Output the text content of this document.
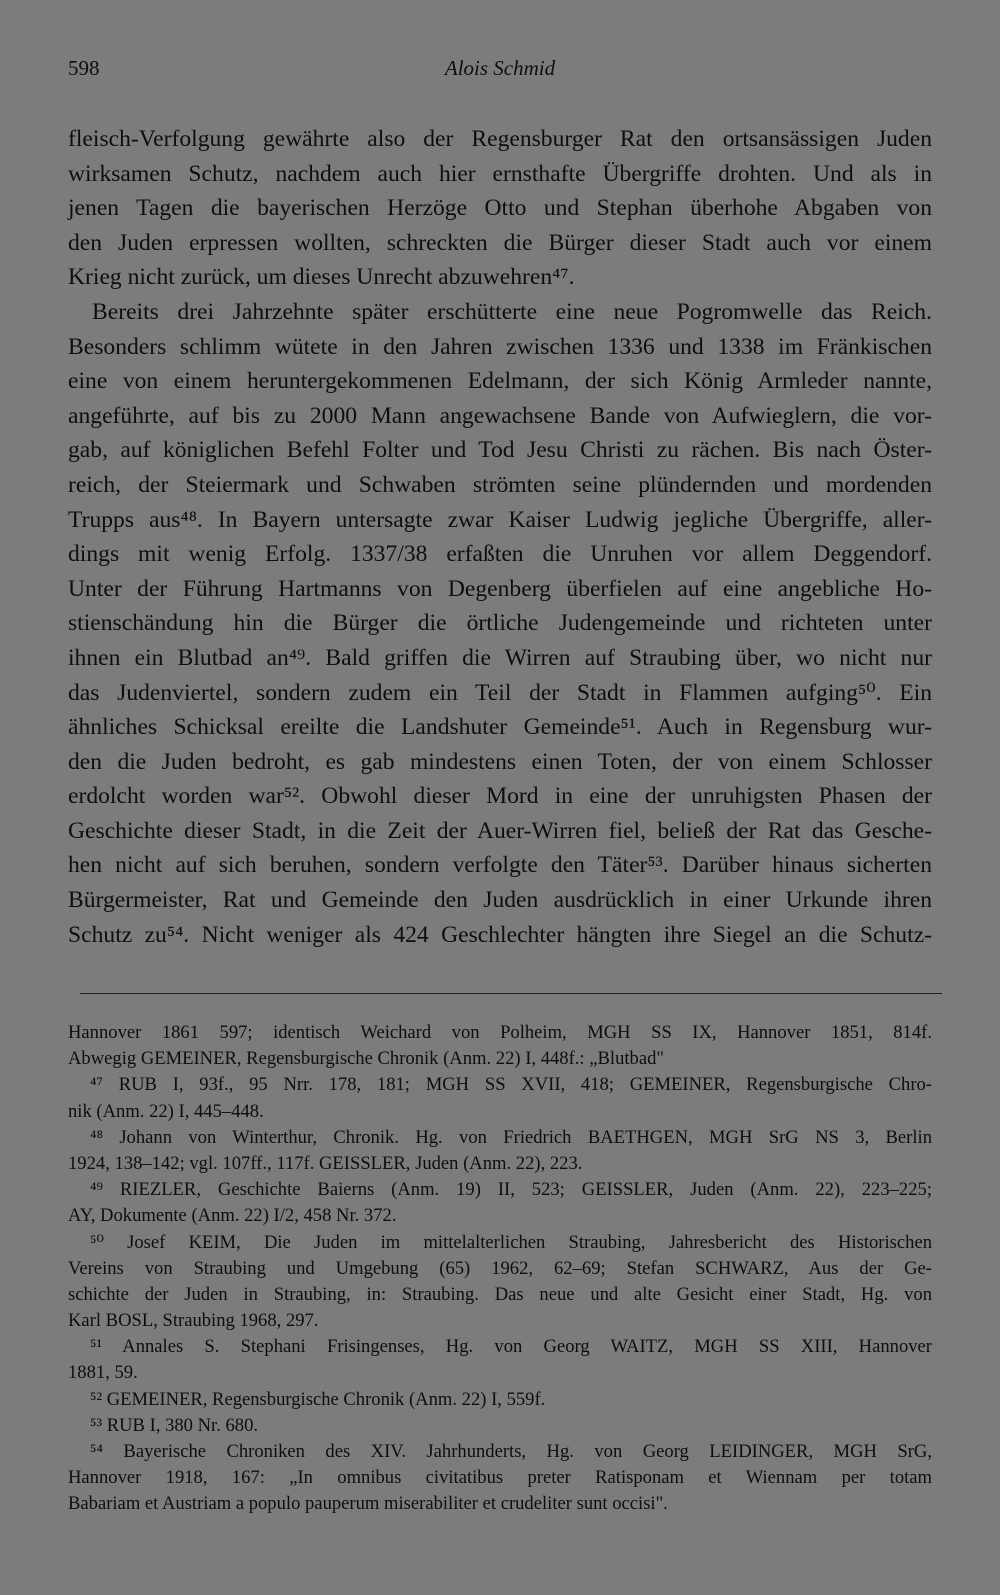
598	Alois Schmid
fleisch-Verfolgung gewährte also der Regensburger Rat den ortsansässigen Juden
wirksamen Schutz, nachdem auch hier ernsthafte Übergriffe drohten. Und als in
jenen Tagen die bayerischen Herzöge Otto und Stephan überhohe Abgaben von
den Juden erpressen wollten, schreckten die Bürger dieser Stadt auch vor einem
Krieg nicht zurück, um dieses Unrecht abzuwehren⁴⁷.
Bereits drei Jahrzehnte später erschütterte eine neue Pogromwelle das Reich.
Besonders schlimm wütete in den Jahren zwischen 1336 und 1338 im Fränkischen
eine von einem heruntergekommenen Edelmann, der sich König Armleder nannte,
angeführte, auf bis zu 2000 Mann angewachsene Bande von Aufwieglern, die vor-
gab, auf königlichen Befehl Folter und Tod Jesu Christi zu rächen. Bis nach Öster-
reich, der Steiermark und Schwaben strömten seine plündernden und mordenden
Trupps aus⁴⁸. In Bayern untersagte zwar Kaiser Ludwig jegliche Übergriffe, aller-
dings mit wenig Erfolg. 1337/38 erfaßten die Unruhen vor allem Deggendorf.
Unter der Führung Hartmanns von Degenberg überfielen auf eine angebliche Ho-
stienschändung hin die Bürger die örtliche Judengemeinde und richteten unter
ihnen ein Blutbad an⁴⁹. Bald griffen die Wirren auf Straubing über, wo nicht nur
das Judenviertel, sondern zudem ein Teil der Stadt in Flammen aufging⁵⁰. Ein
ähnliches Schicksal ereilte die Landshuter Gemeinde⁵¹. Auch in Regensburg wur-
den die Juden bedroht, es gab mindestens einen Toten, der von einem Schlosser
erdolcht worden war⁵². Obwohl dieser Mord in eine der unruhigsten Phasen der
Geschichte dieser Stadt, in die Zeit der Auer-Wirren fiel, beließ der Rat das Gesche-
hen nicht auf sich beruhen, sondern verfolgte den Täter⁵³. Darüber hinaus sicherten
Bürgermeister, Rat und Gemeinde den Juden ausdrücklich in einer Urkunde ihren
Schutz zu⁵⁴. Nicht weniger als 424 Geschlechter hängten ihre Siegel an die Schutz-
Hannover 1861 597; identisch Weichard von Polheim, MGH SS IX, Hannover 1851, 814f.
Abwegig GEMEINER, Regensburgische Chronik (Anm. 22) I, 448f.: „Blutbad"
⁴⁷ RUB I, 93f., 95 Nrr. 178, 181; MGH SS XVII, 418; GEMEINER, Regensburgische Chro-
nik (Anm. 22) I, 445–448.
⁴⁸ Johann von Winterthur, Chronik. Hg. von Friedrich BAETHGEN, MGH SrG NS 3, Berlin
1924, 138–142; vgl. 107ff., 117f. GEISSLER, Juden (Anm. 22), 223.
⁴⁹ RIEZLER, Geschichte Baierns (Anm. 19) II, 523; GEISSLER, Juden (Anm. 22), 223–225;
AY, Dokumente (Anm. 22) I/2, 458 Nr. 372.
⁵⁰ Josef KEIM, Die Juden im mittelalterlichen Straubing, Jahresbericht des Historischen
Vereins von Straubing und Umgebung (65) 1962, 62–69; Stefan SCHWARZ, Aus der Ge-
schichte der Juden in Straubing, in: Straubing. Das neue und alte Gesicht einer Stadt, Hg. von
Karl BOSL, Straubing 1968, 297.
⁵¹ Annales S. Stephani Frisingenses, Hg. von Georg WAITZ, MGH SS XIII, Hannover
1881, 59.
⁵² GEMEINER, Regensburgische Chronik (Anm. 22) I, 559f.
⁵³ RUB I, 380 Nr. 680.
⁵⁴ Bayerische Chroniken des XIV. Jahrhunderts, Hg. von Georg LEIDINGER, MGH SrG,
Hannover 1918, 167: „In omnibus civitatibus preter Ratisponam et Wiennam per totam
Babariam et Austriam a populo pauperum miserabiliter et crudeliter sunt occisi".
